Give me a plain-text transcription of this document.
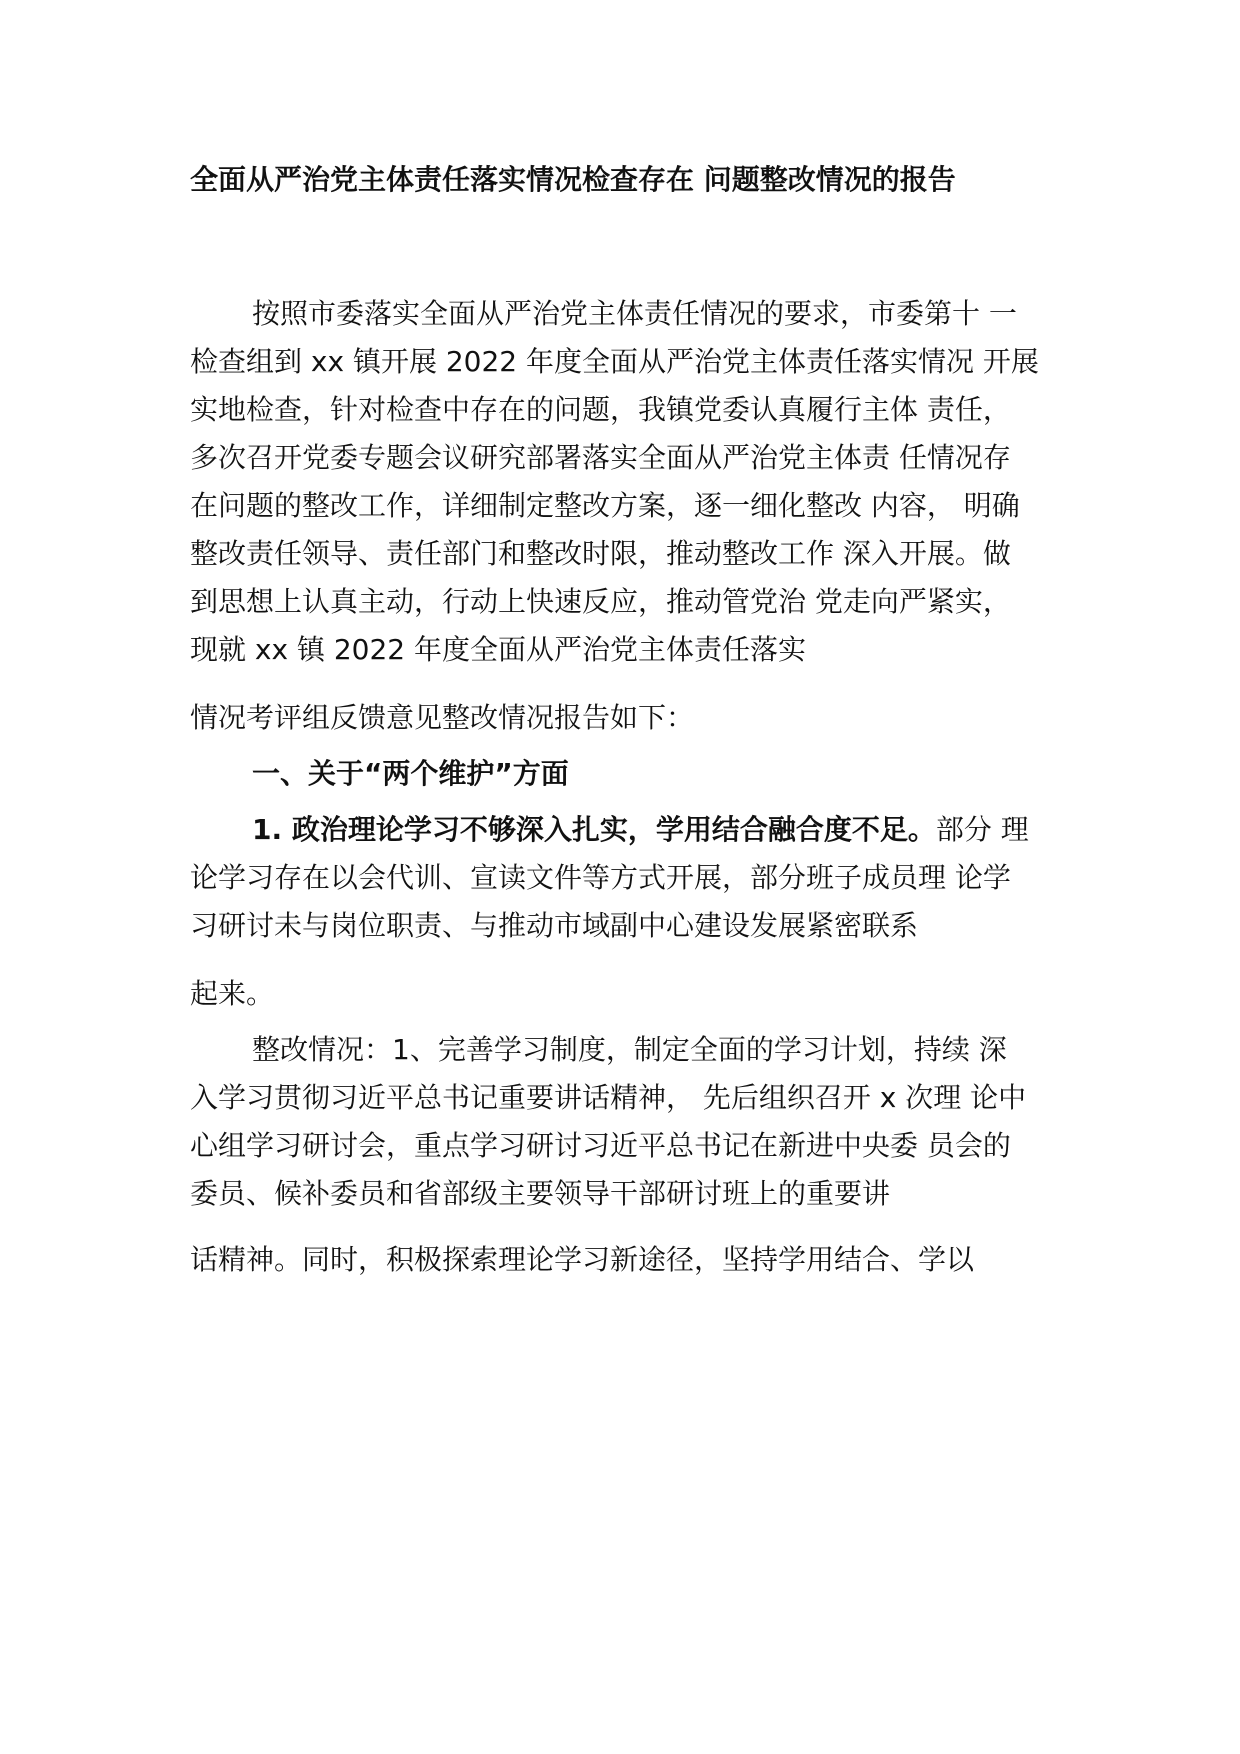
全面从严治党主体责任落实情况检查存在 问题整改情况的报告
按照市委落实全面从严治党主体责任情况的要求，市委第十 一
检查组到 xx 镇开展 2022 年度全面从严治党主体责任落实情况 开展
实地检查，针对检查中存在的问题，我镇党委认真履行主体 责任，
多次召开党委专题会议研究部署落实全面从严治党主体责 任情况存
在问题的整改工作，详细制定整改方案，逐一细化整改 内容， 明确
整改责任领导、责任部门和整改时限，推动整改工作 深入开展。做
到思想上认真主动，行动上快速反应，推动管党治 党走向严紧实，
现就 xx 镇 2022 年度全面从严治党主体责任落实
情况考评组反馈意见整改情况报告如下：
一、关于“两个维护”方面
1. 政治理论学习不够深入扎实，学用结合融合度不足。部分 理
论学习存在以会代训、宣读文件等方式开展，部分班子成员理 论学
习研讨未与岗位职责、与推动市域副中心建设发展紧密联系
起来。
整改情况：1、完善学习制度，制定全面的学习计划，持续 深
入学习贯彻习近平总书记重要讲话精神， 先后组织召开 x 次理 论中
心组学习研讨会，重点学习研讨习近平总书记在新进中央委 员会的
委员、候补委员和省部级主要领导干部研讨班上的重要讲
话精神。同时，积极探索理论学习新途径，坚持学用结合、学以
